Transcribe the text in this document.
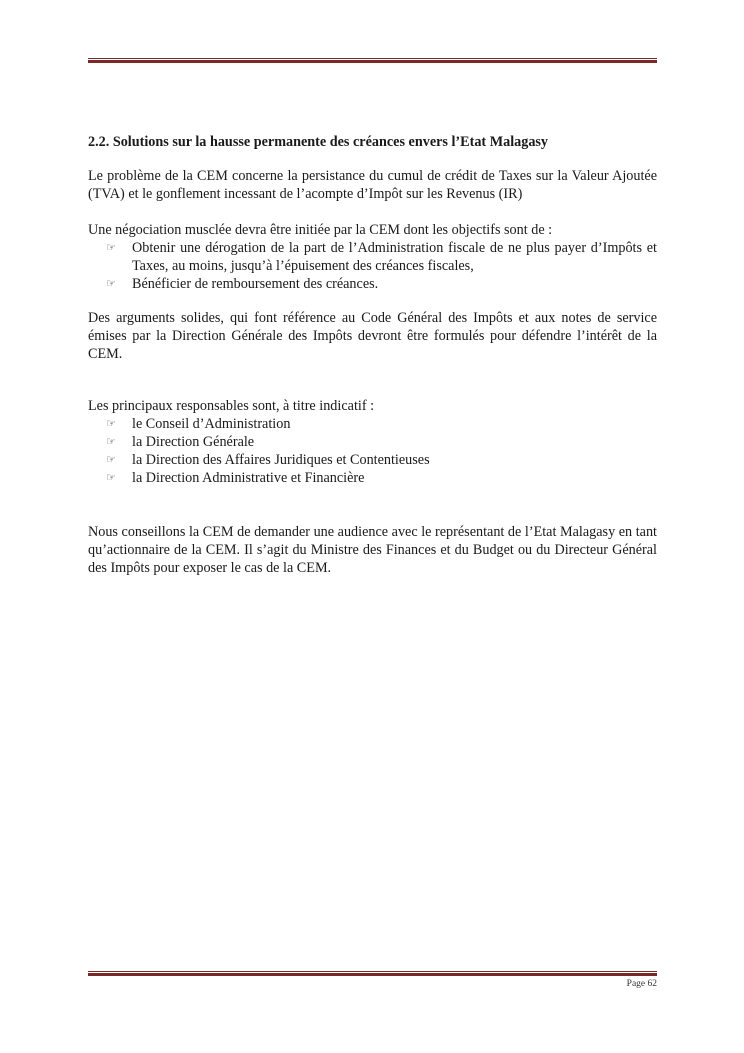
2.2. Solutions sur la hausse permanente des créances envers l’Etat Malagasy

Le problème de la CEM concerne la persistance du cumul de crédit de Taxes sur la Valeur Ajoutée (TVA) et le gonflement incessant de l’acompte d’Impôt sur les Revenus (IR)

Une négociation musclée devra être initiée par la CEM dont les objectifs sont de :

☞	Obtenir une dérogation de la part de l’Administration fiscale de ne plus payer d’Impôts et Taxes, au moins, jusqu’à l’épuisement des créances fiscales,
☞	Bénéficier de remboursement des créances.

Des arguments solides, qui font référence au Code Général des Impôts et aux notes de service émises par la Direction Générale des Impôts devront être formulés pour défendre l’intérêt de la CEM.

Les principaux responsables sont, à titre indicatif :

☞	le Conseil d’Administration
☞	la Direction Générale
☞	la Direction des Affaires Juridiques et Contentieuses
☞	la Direction Administrative et Financière

Nous conseillons la CEM de demander une audience avec le représentant de l’Etat Malagasy en tant qu’actionnaire de la CEM. Il s’agit du Ministre des Finances et du Budget ou du Directeur Général des Impôts pour exposer le cas de la CEM.

Page 62
